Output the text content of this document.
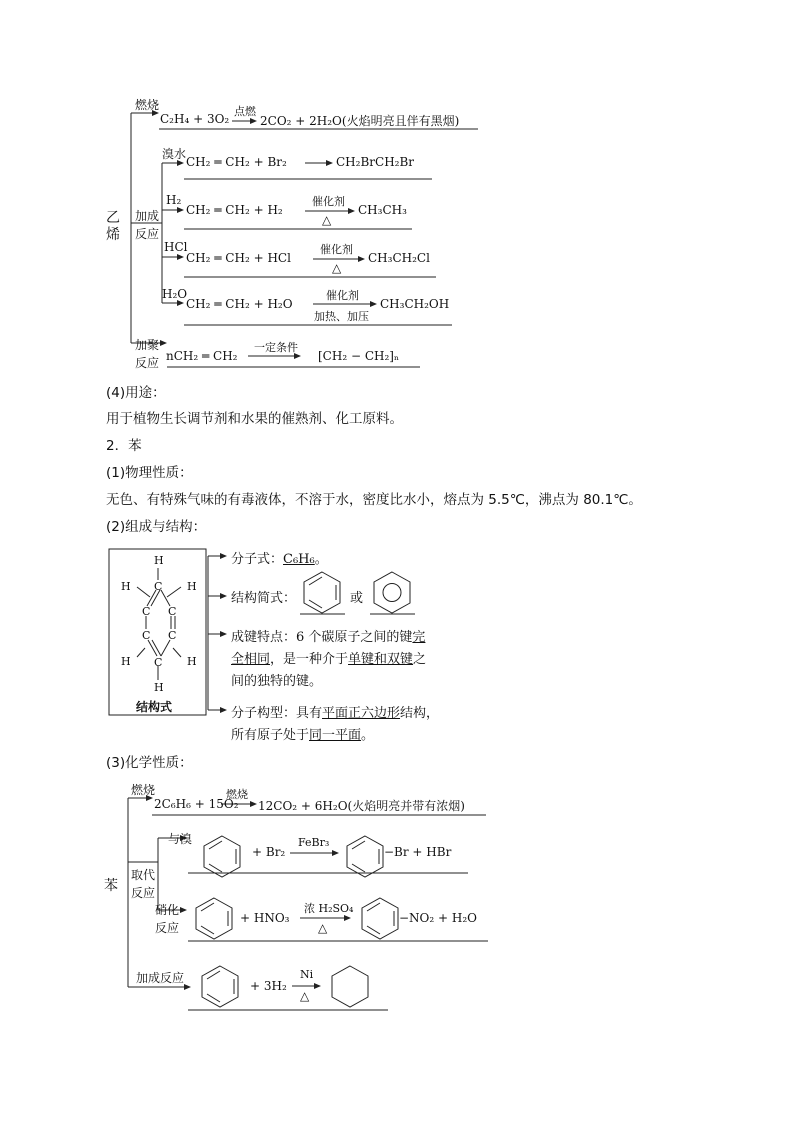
乙烯
燃烧
C₂H₄ + 3O₂
点燃
2CO₂ + 2H₂O(火焰明亮且伴有黑烟)
加成反应
溴水
CH₂ ═ CH₂ + Br₂	CH₂BrCH₂Br
H₂
CH₂ ═ CH₂ + H₂
催化剂
△
CH₃CH₃
HCl
CH₂ ═ CH₂ + HCl
催化剂
△
CH₃CH₂Cl
H₂O
CH₂ ═ CH₂ + H₂O
催化剂
加热、加压
CH₃CH₂OH
加聚反应 nCH₂ ═ CH₂
一定条件
[CH₂ − CH₂]ₙ
(4)用途：
用于植物生长调节剂和水果的催熟剂、化工原料。
2．苯
(1)物理性质：
无色、有特殊气味的有毒液体，不溶于水，密度比水小，熔点为 5.5℃，沸点为 80.1℃。
(2)组成与结构：
H
C
H	H
C C
C C
H	H
C
H
结构式
分子式：C₆H₆。
结构简式：	或
成键特点：6 个碳原子之间的键完
全相同，是一种介于单键和双键之
间的独特的键。
分子构型：具有平面正六边形结构，
所有原子处于同一平面。
(3)化学性质：
苯
燃烧
2C₆H₆ + 15O₂
燃烧
12CO₂ + 6H₂O(火焰明亮并带有浓烟)
取代反应
与溴
+ Br₂
FeBr₃
−Br + HBr
硝化反应
+ HNO₃
浓 H₂SO₄
△
−NO₂ + H₂O
加成反应
+ 3H₂
Ni
△
